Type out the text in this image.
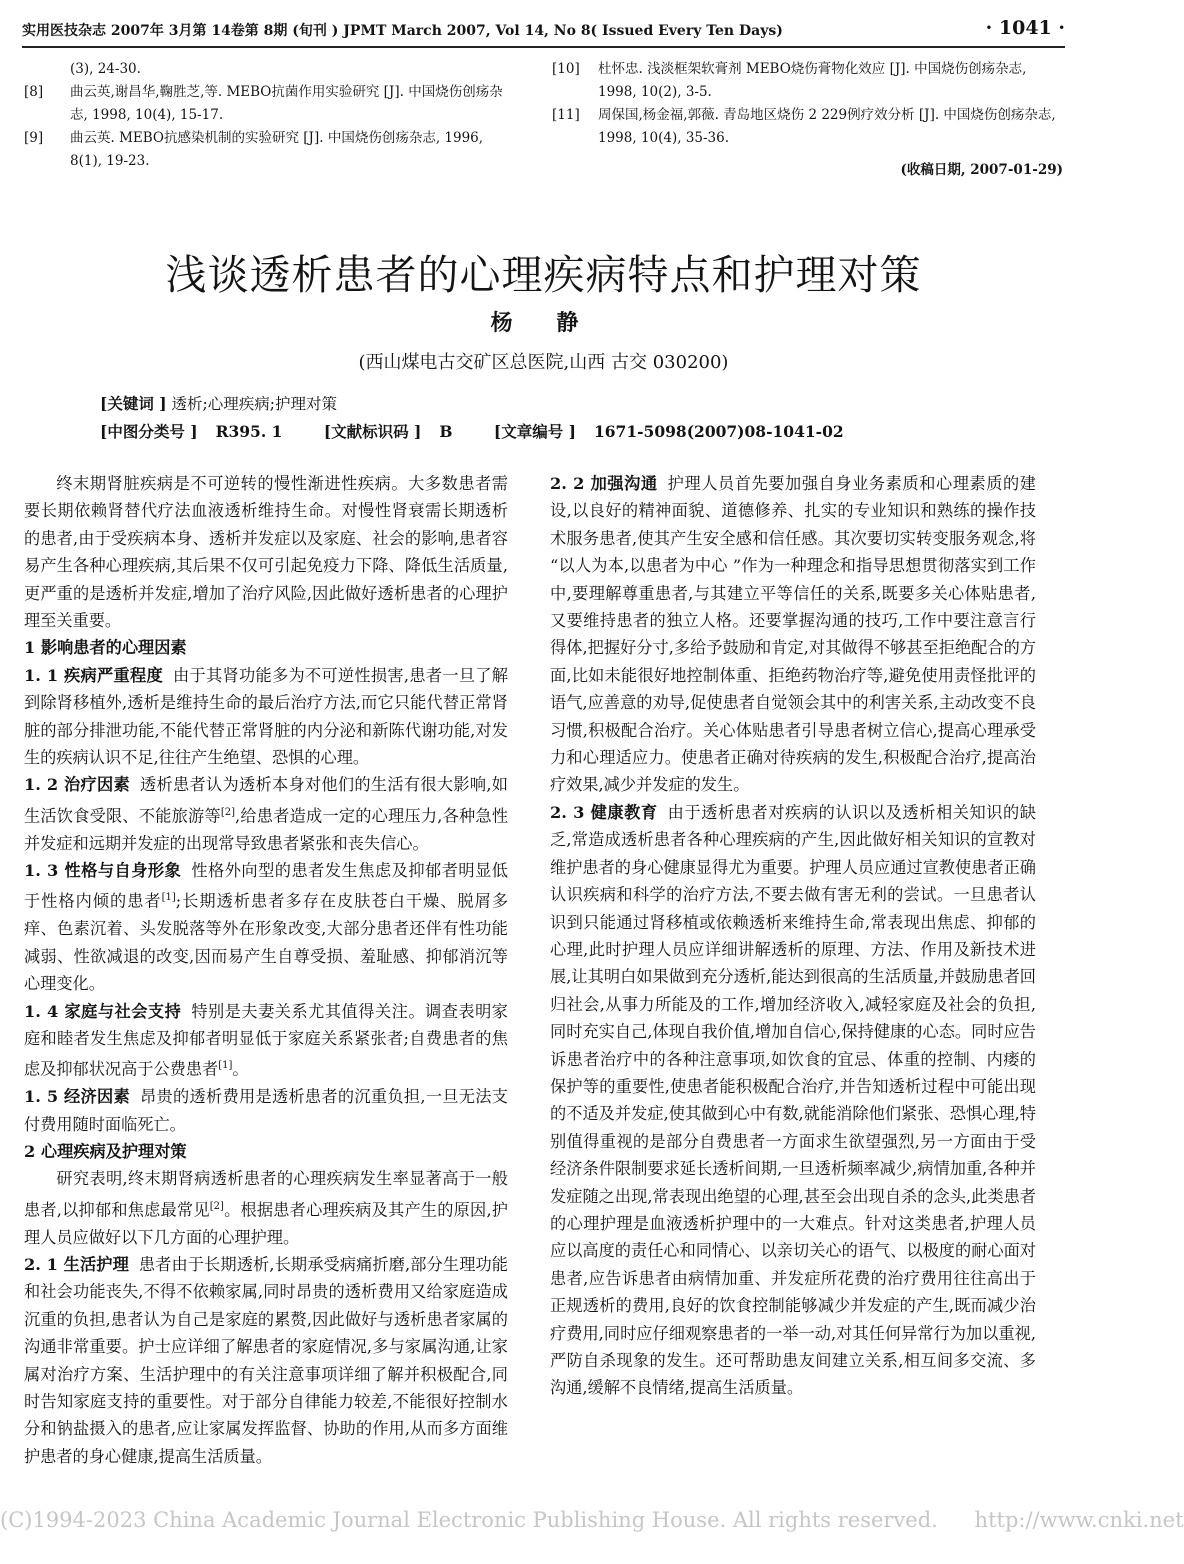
实用医技杂志 2007年 3月第 14卷第 8期 (旬刊 ) JPMT March 2007, Vol 14, No 8( Issued Every Ten Days)	· 1041 ·

(3), 24-30.

[8] 曲云英,谢昌华,鞠胜芝,等. MEBO抗菌作用实验研究 [J]. 中国烧伤创疡杂志, 1998, 10(4), 15-17.

[9] 曲云英. MEBO抗感染机制的实验研究 [J]. 中国烧伤创疡杂志, 1996, 8(1), 19-23.

[10] 杜怀忠. 浅淡框架软膏剂 MEBO烧伤膏物化效应 [J]. 中国烧伤创疡杂志, 1998, 10(2), 3-5.

[11] 周保国,杨金福,郭薇. 青岛地区烧伤 2 229例疗效分析 [J]. 中国烧伤创疡杂志, 1998, 10(4), 35-36.

(收稿日期, 2007-01-29)
浅谈透析患者的心理疾病特点和护理对策
杨 静
(西山煤电古交矿区总医院,山西 古交 030200)
[关键词 ] 透析;心理疾病;护理对策
[中图分类号 ] R395. 1	[文献标识码 ] B	[文章编号 ] 1671-5098(2007)08-1041-02

终末期肾脏疾病是不可逆转的慢性渐进性疾病。大多数患者需要长期依赖肾替代疗法血液透析维持生命。对慢性肾衰需长期透析的患者,由于受疾病本身、透析并发症以及家庭、社会的影响,患者容易产生各种心理疾病,其后果不仅可引起免疫力下降、降低生活质量,更严重的是透析并发症,增加了治疗风险,因此做好透析患者的心理护理至关重要。

1 影响患者的心理因素

1. 1 疾病严重程度 由于其肾功能多为不可逆性损害,患者一旦了解到除肾移植外,透析是维持生命的最后治疗方法,而它只能代替正常肾脏的部分排泄功能,不能代替正常肾脏的内分泌和新陈代谢功能,对发生的疾病认识不足,往往产生绝望、恐惧的心理。

1. 2 治疗因素 透析患者认为透析本身对他们的生活有很大影响,如生活饮食受限、不能旅游等[2],给患者造成一定的心理压力,各种急性并发症和远期并发症的出现常导致患者紧张和丧失信心。

1. 3 性格与自身形象 性格外向型的患者发生焦虑及抑郁者明显低于性格内倾的患者[1];长期透析患者多存在皮肤苍白干燥、脱屑多痒、色素沉着、头发脱落等外在形象改变,大部分患者还伴有性功能减弱、性欲减退的改变,因而易产生自尊受损、羞耻感、抑郁消沉等心理变化。

1. 4 家庭与社会支持 特别是夫妻关系尤其值得关注。调查表明家庭和睦者发生焦虑及抑郁者明显低于家庭关系紧张者;自费患者的焦虑及抑郁状况高于公费患者[1]。

1. 5 经济因素 昂贵的透析费用是透析患者的沉重负担,一旦无法支付费用随时面临死亡。

2 心理疾病及护理对策

研究表明,终末期肾病透析患者的心理疾病发生率显著高于一般患者,以抑郁和焦虑最常见[2]。根据患者心理疾病及其产生的原因,护理人员应做好以下几方面的心理护理。

2. 1 生活护理 患者由于长期透析,长期承受病痛折磨,部分生理功能和社会功能丧失,不得不依赖家属,同时昂贵的透析费用又给家庭造成沉重的负担,患者认为自己是家庭的累赘,因此做好与透析患者家属的沟通非常重要。护士应详细了解患者的家庭情况,多与家属沟通,让家属对治疗方案、生活护理中的有关注意事项详细了解并积极配合,同时告知家庭支持的重要性。对于部分自律能力较差,不能很好控制水分和钠盐摄入的患者,应让家属发挥监督、协助的作用,从而多方面维护患者的身心健康,提高生活质量。

2. 2 加强沟通 护理人员首先要加强自身业务素质和心理素质的建设,以良好的精神面貌、道德修养、扎实的专业知识和熟练的操作技术服务患者,使其产生安全感和信任感。其次要切实转变服务观念,将 “以人为本,以患者为中心 ”作为一种理念和指导思想贯彻落实到工作中,要理解尊重患者,与其建立平等信任的关系,既要多关心体贴患者,又要维持患者的独立人格。还要掌握沟通的技巧,工作中要注意言行得体,把握好分寸,多给予鼓励和肯定,对其做得不够甚至拒绝配合的方面,比如未能很好地控制体重、拒绝药物治疗等,避免使用责怪批评的语气,应善意的劝导,促使患者自觉领会其中的利害关系,主动改变不良习惯,积极配合治疗。关心体贴患者引导患者树立信心,提高心理承受力和心理适应力。使患者正确对待疾病的发生,积极配合治疗,提高治疗效果,减少并发症的发生。

2. 3 健康教育 由于透析患者对疾病的认识以及透析相关知识的缺乏,常造成透析患者各种心理疾病的产生,因此做好相关知识的宣教对维护患者的身心健康显得尤为重要。护理人员应通过宣教使患者正确认识疾病和科学的治疗方法,不要去做有害无利的尝试。一旦患者认识到只能通过肾移植或依赖透析来维持生命,常表现出焦虑、抑郁的心理,此时护理人员应详细讲解透析的原理、方法、作用及新技术进展,让其明白如果做到充分透析,能达到很高的生活质量,并鼓励患者回归社会,从事力所能及的工作,增加经济收入,减轻家庭及社会的负担,同时充实自己,体现自我价值,增加自信心,保持健康的心态。同时应告诉患者治疗中的各种注意事项,如饮食的宜忌、体重的控制、内瘘的保护等的重要性,使患者能积极配合治疗,并告知透析过程中可能出现的不适及并发症,使其做到心中有数,就能消除他们紧张、恐惧心理,特别值得重视的是部分自费患者一方面求生欲望强烈,另一方面由于受经济条件限制要求延长透析间期,一旦透析频率减少,病情加重,各种并发症随之出现,常表现出绝望的心理,甚至会出现自杀的念头,此类患者的心理护理是血液透析护理中的一大难点。针对这类患者,护理人员应以高度的责任心和同情心、以亲切关心的语气、以极度的耐心面对患者,应告诉患者由病情加重、并发症所花费的治疗费用往往高出于正规透析的费用,良好的饮食控制能够减少并发症的产生,既而减少治疗费用,同时应仔细观察患者的一举一动,对其任何异常行为加以重视,严防自杀现象的发生。还可帮助患友间建立关系,相互间多交流、多沟通,缓解不良情绪,提高生活质量。

(C)1994-2023 China Academic Journal Electronic Publishing House. All rights reserved. http://www.cnki.net
